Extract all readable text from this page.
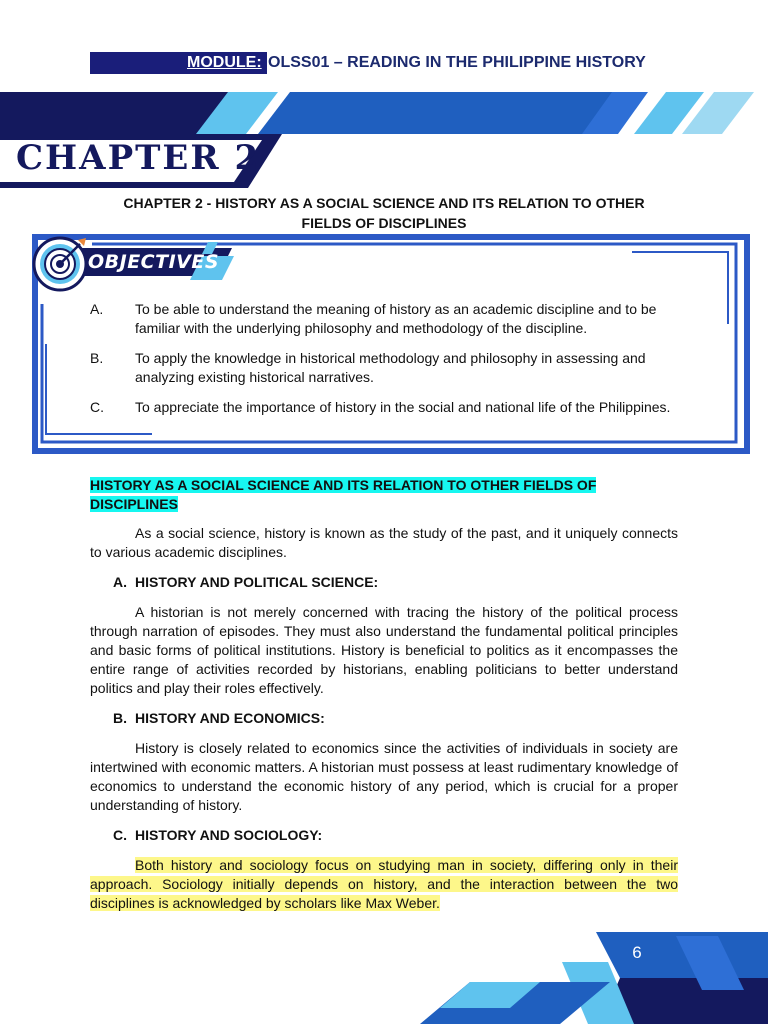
MODULE: OLSS01 – READING IN THE PHILIPPINE HISTORY
CHAPTER 2
CHAPTER 2 - HISTORY AS A SOCIAL SCIENCE AND ITS RELATION TO OTHER
FIELDS OF DISCIPLINES
OBJECTIVES
A.	To be able to understand the meaning of history as an academic discipline and to be familiar with the underlying philosophy and methodology of the discipline.
B.	To apply the knowledge in historical methodology and philosophy in assessing and analyzing existing historical narratives.
C.	To appreciate the importance of history in the social and national life of the Philippines.
HISTORY AS A SOCIAL SCIENCE AND ITS RELATION TO OTHER FIELDS OF DISCIPLINES

As a social science, history is known as the study of the past, and it uniquely connects to various academic disciplines.

A. HISTORY AND POLITICAL SCIENCE:

A historian is not merely concerned with tracing the history of the political process through narration of episodes. They must also understand the fundamental political principles and basic forms of political institutions. History is beneficial to politics as it encompasses the entire range of activities recorded by historians, enabling politicians to better understand politics and play their roles effectively.

B. HISTORY AND ECONOMICS:

History is closely related to economics since the activities of individuals in society are intertwined with economic matters. A historian must possess at least rudimentary knowledge of economics to understand the economic history of any period, which is crucial for a proper understanding of history.

C. HISTORY AND SOCIOLOGY:

Both history and sociology focus on studying man in society, differing only in their approach. Sociology initially depends on history, and the interaction between the two disciplines is acknowledged by scholars like Max Weber.

6
